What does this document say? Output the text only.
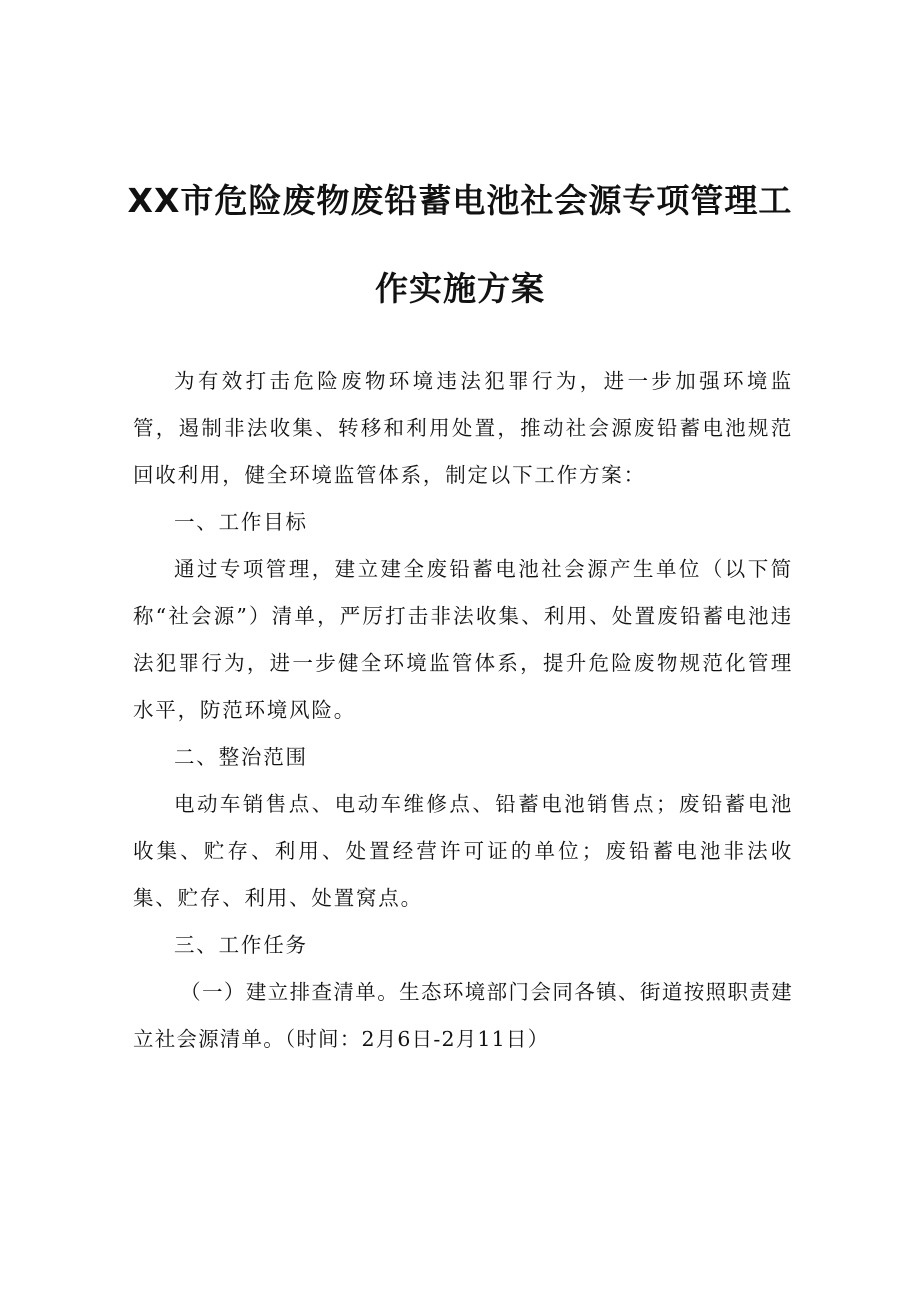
XX市危险废物废铅蓄电池社会源专项管理工
作实施方案

为有效打击危险废物环境违法犯罪行为，进一步加强环境监管，遏制非法收集、转移和利用处置，推动社会源废铅蓄电池规范回收利用，健全环境监管体系，制定以下工作方案：

一、工作目标

通过专项管理，建立建全废铅蓄电池社会源产生单位（以下简称“社会源”）清单，严厉打击非法收集、利用、处置废铅蓄电池违法犯罪行为，进一步健全环境监管体系，提升危险废物规范化管理水平，防范环境风险。

二、整治范围

电动车销售点、电动车维修点、铅蓄电池销售点；废铅蓄电池收集、贮存、利用、处置经营许可证的单位；废铅蓄电池非法收集、贮存、利用、处置窝点。

三、工作任务

（一）建立排查清单。生态环境部门会同各镇、街道按照职责建立社会源清单。（时间：2月6日-2月11日）
